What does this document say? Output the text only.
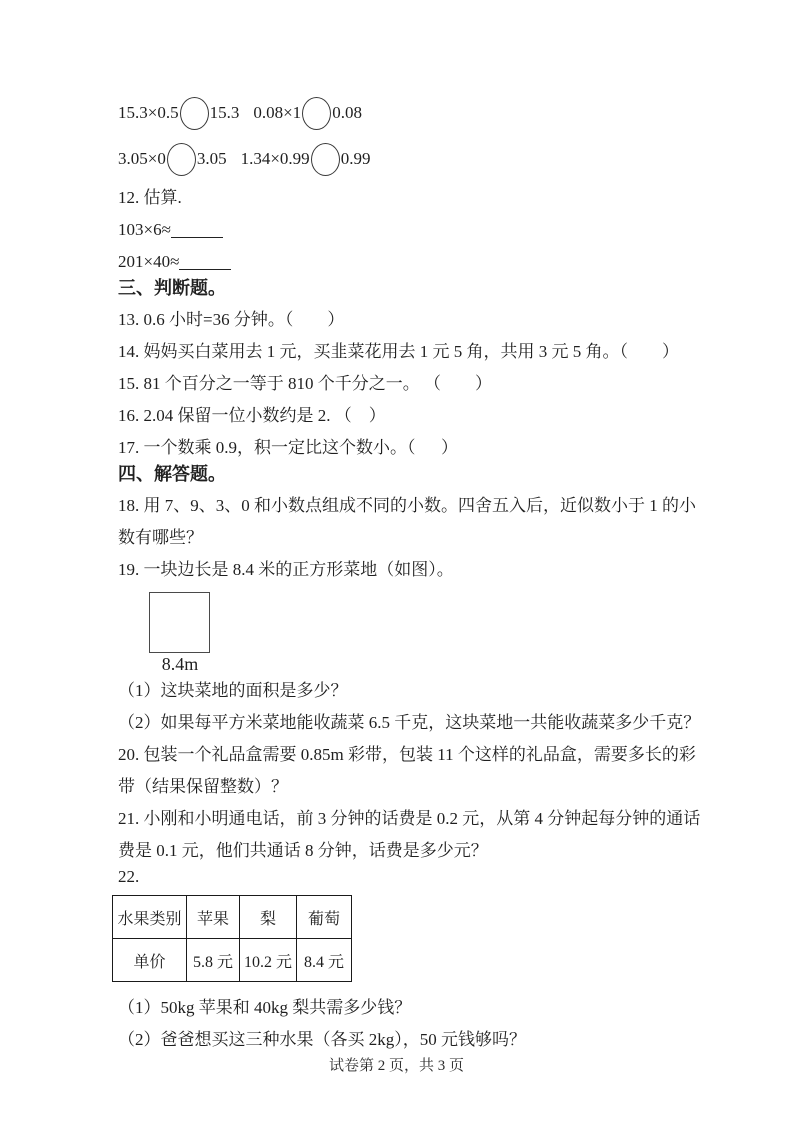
15.3×0.5 15.3 0.08×1 0.08
3.05×0 3.05 1.34×0.99 0.99

12. 估算.

103×6≈

201×40≈

三、判断题。

13. 0.6 小时=36 分钟。（        ）

14. 妈妈买白菜用去 1 元，买韭菜花用去 1 元 5 角，共用 3 元 5 角。（        ）

15. 81 个百分之一等于 810 个千分之一。 （        ）

16. 2.04 保留一位小数约是 2. （    ）

17. 一个数乘 0.9，积一定比这个数小。（      ）

四、解答题。

18. 用 7、9、3、0 和小数点组成不同的小数。四舍五入后，近似数小于 1 的小数有哪些？

19. 一块边长是 8.4 米的正方形菜地（如图）。

8.4m

（1）这块菜地的面积是多少？

（2）如果每平方米菜地能收蔬菜 6.5 千克，这块菜地一共能收蔬菜多少千克？

20. 包装一个礼品盒需要 0.85m 彩带，包装 11 个这样的礼品盒，需要多长的彩带（结果保留整数）？

21. 小刚和小明通电话，前 3 分钟的话费是 0.2 元，从第 4 分钟起每分钟的通话费是 0.1 元，他们共通话 8 分钟，话费是多少元？

22.

水果类别	苹果	梨	葡萄
单价	5.8 元	10.2 元	8.4 元

（1）50kg 苹果和 40kg 梨共需多少钱？

（2）爸爸想买这三种水果（各买 2kg），50 元钱够吗？

试卷第 2 页，共 3 页
